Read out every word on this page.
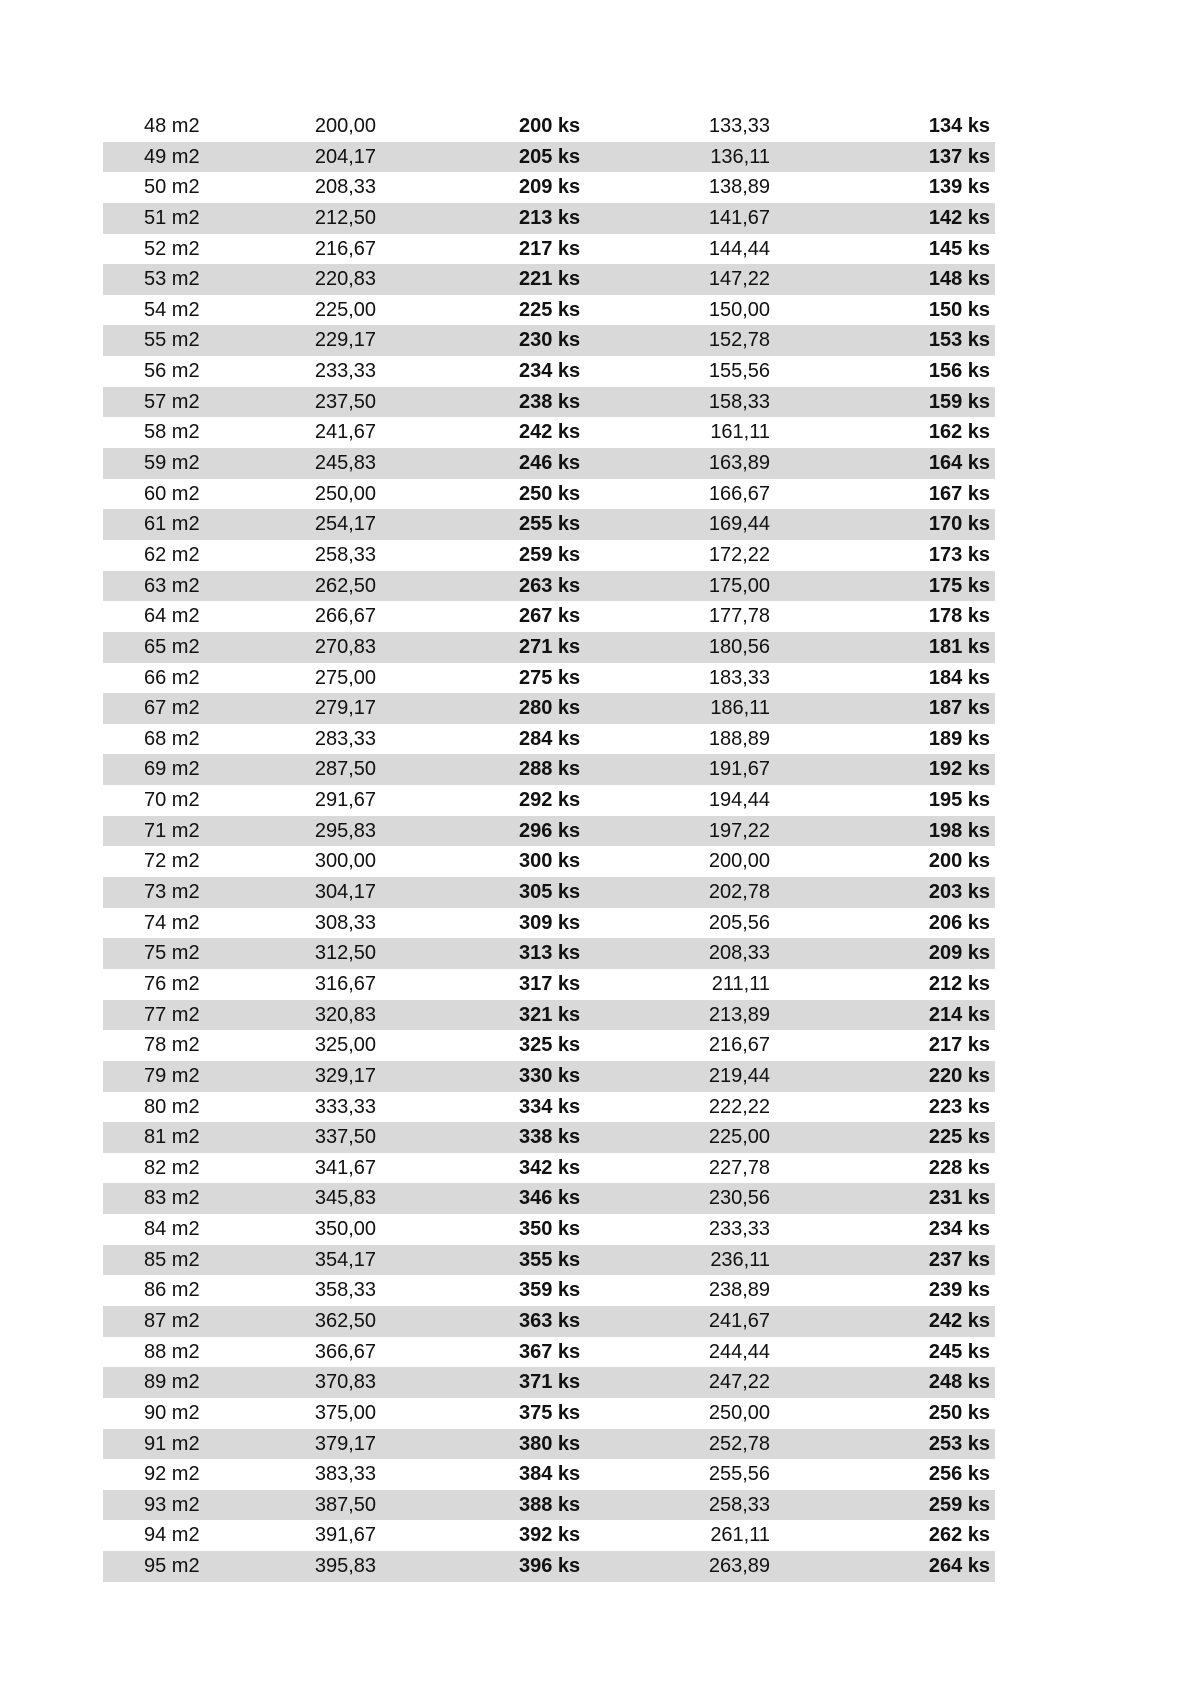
48 m2	200,00	200 ks	133,33	134 ks
49 m2	204,17	205 ks	136,11	137 ks
50 m2	208,33	209 ks	138,89	139 ks
51 m2	212,50	213 ks	141,67	142 ks
52 m2	216,67	217 ks	144,44	145 ks
53 m2	220,83	221 ks	147,22	148 ks
54 m2	225,00	225 ks	150,00	150 ks
55 m2	229,17	230 ks	152,78	153 ks
56 m2	233,33	234 ks	155,56	156 ks
57 m2	237,50	238 ks	158,33	159 ks
58 m2	241,67	242 ks	161,11	162 ks
59 m2	245,83	246 ks	163,89	164 ks
60 m2	250,00	250 ks	166,67	167 ks
61 m2	254,17	255 ks	169,44	170 ks
62 m2	258,33	259 ks	172,22	173 ks
63 m2	262,50	263 ks	175,00	175 ks
64 m2	266,67	267 ks	177,78	178 ks
65 m2	270,83	271 ks	180,56	181 ks
66 m2	275,00	275 ks	183,33	184 ks
67 m2	279,17	280 ks	186,11	187 ks
68 m2	283,33	284 ks	188,89	189 ks
69 m2	287,50	288 ks	191,67	192 ks
70 m2	291,67	292 ks	194,44	195 ks
71 m2	295,83	296 ks	197,22	198 ks
72 m2	300,00	300 ks	200,00	200 ks
73 m2	304,17	305 ks	202,78	203 ks
74 m2	308,33	309 ks	205,56	206 ks
75 m2	312,50	313 ks	208,33	209 ks
76 m2	316,67	317 ks	211,11	212 ks
77 m2	320,83	321 ks	213,89	214 ks
78 m2	325,00	325 ks	216,67	217 ks
79 m2	329,17	330 ks	219,44	220 ks
80 m2	333,33	334 ks	222,22	223 ks
81 m2	337,50	338 ks	225,00	225 ks
82 m2	341,67	342 ks	227,78	228 ks
83 m2	345,83	346 ks	230,56	231 ks
84 m2	350,00	350 ks	233,33	234 ks
85 m2	354,17	355 ks	236,11	237 ks
86 m2	358,33	359 ks	238,89	239 ks
87 m2	362,50	363 ks	241,67	242 ks
88 m2	366,67	367 ks	244,44	245 ks
89 m2	370,83	371 ks	247,22	248 ks
90 m2	375,00	375 ks	250,00	250 ks
91 m2	379,17	380 ks	252,78	253 ks
92 m2	383,33	384 ks	255,56	256 ks
93 m2	387,50	388 ks	258,33	259 ks
94 m2	391,67	392 ks	261,11	262 ks
95 m2	395,83	396 ks	263,89	264 ks
